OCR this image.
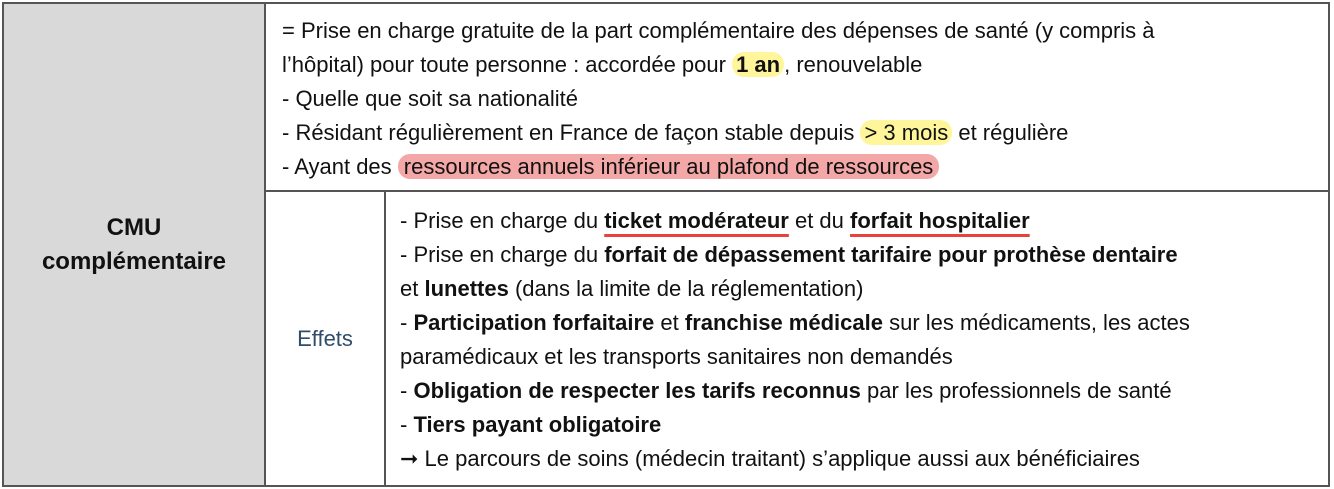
CMU
complémentaire
= Prise en charge gratuite de la part complémentaire des dépenses de santé (y compris à
l’hôpital) pour toute personne : accordée pour 1 an , renouvelable
- Quelle que soit sa nationalité
- Résidant régulièrement en France de façon stable depuis > 3 mois et régulière
- Ayant des ressources annuels inférieur au plafond de ressources
Effets
- Prise en charge du ticket modérateur et du forfait hospitalier
- Prise en charge du forfait de dépassement tarifaire pour prothèse dentaire
et lunettes (dans la limite de la réglementation)
- Participation forfaitaire et franchise médicale sur les médicaments, les actes
paramédicaux et les transports sanitaires non demandés
- Obligation de respecter les tarifs reconnus par les professionnels de santé
- Tiers payant obligatoire
➞ Le parcours de soins (médecin traitant) s’applique aussi aux bénéficiaires
